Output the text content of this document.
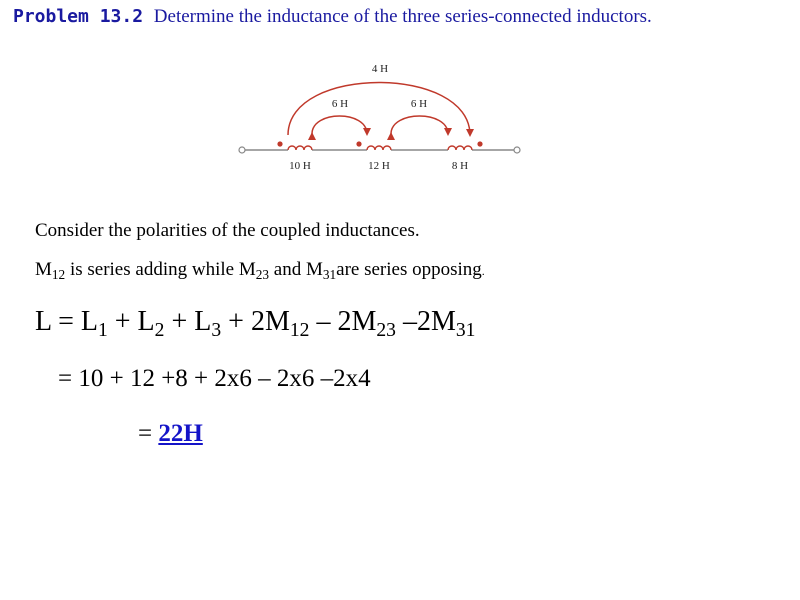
Problem 13.2 Determine the inductance of the three series-connected inductors.
4 H
6 H	6 H
10 H	12 H	8 H
Consider the polarities of the coupled inductances.
$M_{12}$ is series adding while $M_{23}$ and $M_{31}are$ series opposing.
$L = L_1 + L_2 + L_3 + 2M_{12} - 2M_{23}$ $-2M_{31}$
= 10 + 12 +8 + 2x6 – 2x6 –2x4
= 22H
